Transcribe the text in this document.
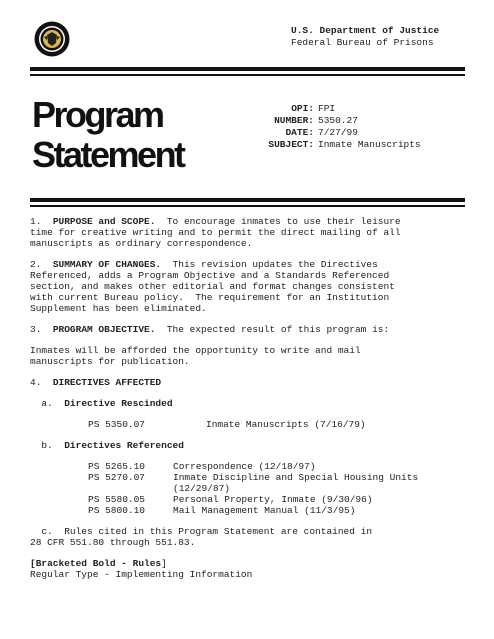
U.S. Department of Justice
Federal Bureau of Prisons
Program
Statement
OPI: FPI
NUMBER: 5350.27
DATE: 7/27/99
SUBJECT: Inmate Manuscripts

1. PURPOSE and SCOPE. To encourage inmates to use their leisure

time for creative writing and to permit the direct mailing of all

manuscripts as ordinary correspondence.

2. SUMMARY OF CHANGES. This revision updates the Directives

Referenced, adds a Program Objective and a Standards Referenced

section, and makes other editorial and format changes consistent

with current Bureau policy.  The requirement for an Institution

Supplement has been eliminated.

3. PROGRAM OBJECTIVE. The expected result of this program is:

Inmates will be afforded the opportunity to write and mail

manuscripts for publication.

4. DIRECTIVES AFFECTED

a. Directive Rescinded

PS 5350.07	Inmate Manuscripts (7/16/79)

b. Directives Referenced

PS 5265.10	Correspondence (12/18/97)
PS 5270.07	Inmate Discipline and Special Housing Units
(12/29/87)
PS 5580.05	Personal Property, Inmate (9/30/96)
PS 5800.10	Mail Management Manual (11/3/95)

c.  Rules cited in this Program Statement are contained in

28 CFR 551.80 through 551.83.

[Bracketed Bold - Rules]

Regular Type - Implementing Information
